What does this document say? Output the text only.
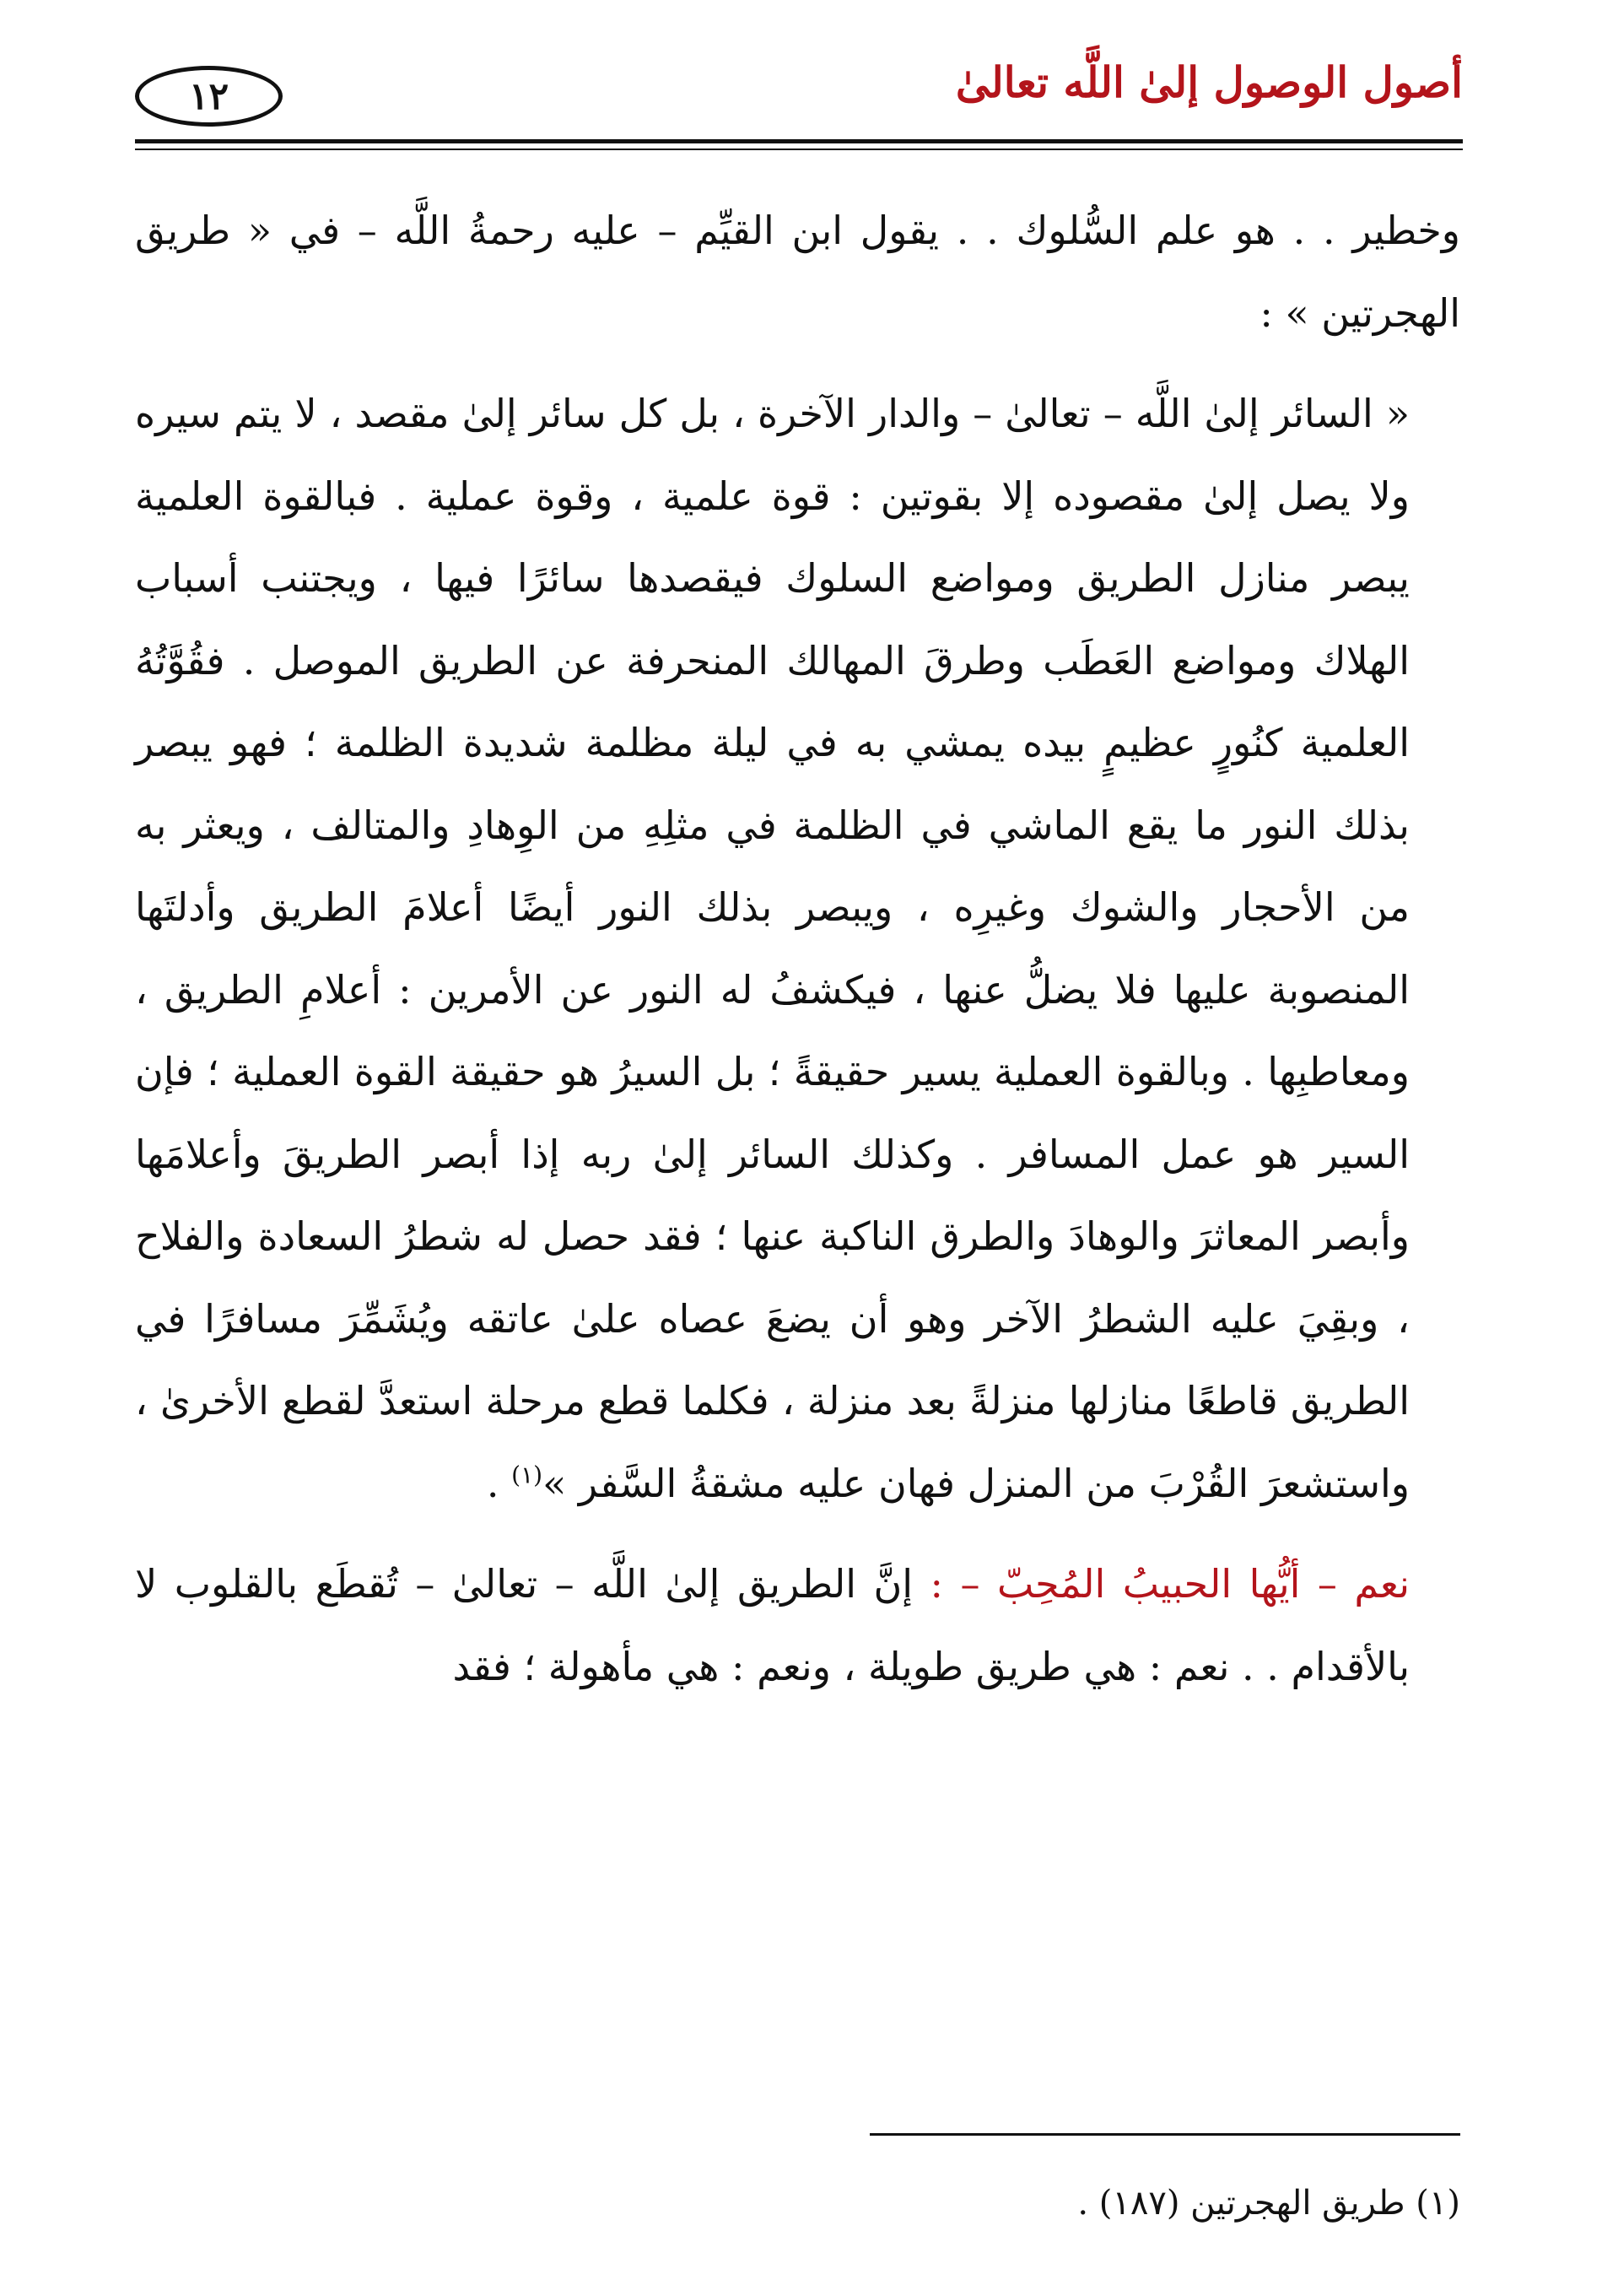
أصول الوصول إلىٰ اللَّه تعالىٰ
١٢

وخطير . . هو علم السُّلوك . . يقول ابن القيِّم – عليه رحمةُ اللَّه – في « طريق الهجرتين » :

« السائر إلىٰ اللَّه – تعالىٰ – والدار الآخرة ، بل كل سائر إلىٰ مقصد ، لا يتم سيره ولا يصل إلىٰ مقصوده إلا بقوتين : قوة علمية ، وقوة عملية . فبالقوة العلمية يبصر منازل الطريق ومواضع السلوك فيقصدها سائرًا فيها ، ويجتنب أسباب الهلاك ومواضع العَطَب وطرقَ المهالك المنحرفة عن الطريق الموصل . فقُوَّتُهُ العلمية كنُورٍ عظيمٍ بيده يمشي به في ليلة مظلمة شديدة الظلمة ؛ فهو يبصر بذلك النور ما يقع الماشي في الظلمة في مثلِهِ من الوِهادِ والمتالف ، ويعثر به من الأحجار والشوك وغيرِه ، ويبصر بذلك النور أيضًا أعلامَ الطريق وأدلتَها المنصوبة عليها فلا يضلُّ عنها ، فيكشفُ له النور عن الأمرين : أعلامِ الطريق ، ومعاطبِها . وبالقوة العملية يسير حقيقةً ؛ بل السيرُ هو حقيقة القوة العملية ؛ فإن السير هو عمل المسافر . وكذلك السائر إلىٰ ربه إذا أبصر الطريقَ وأعلامَها وأبصر المعاثرَ والوهادَ والطرق الناكبة عنها ؛ فقد حصل له شطرُ السعادة والفلاح ، وبقِيَ عليه الشطرُ الآخر وهو أن يضعَ عصاه علىٰ عاتقه ويُشَمِّرَ مسافرًا في الطريق قاطعًا منازلها منزلةً بعد منزلة ، فكلما قطع مرحلة استعدَّ لقطع الأخرىٰ ، واستشعرَ القُرْبَ من المنزل فهان عليه مشقةُ السَّفر »$^{(١)}$ .

نعم – أيُّها الحبيبُ المُحِبّ – : إنَّ الطريق إلىٰ اللَّه – تعالىٰ – تُقطَع بالقلوب لا بالأقدام . . نعم : هي طريق طويلة ، ونعم : هي مأهولة ؛ فقد

(١) طريق الهجرتين (١٨٧) .
